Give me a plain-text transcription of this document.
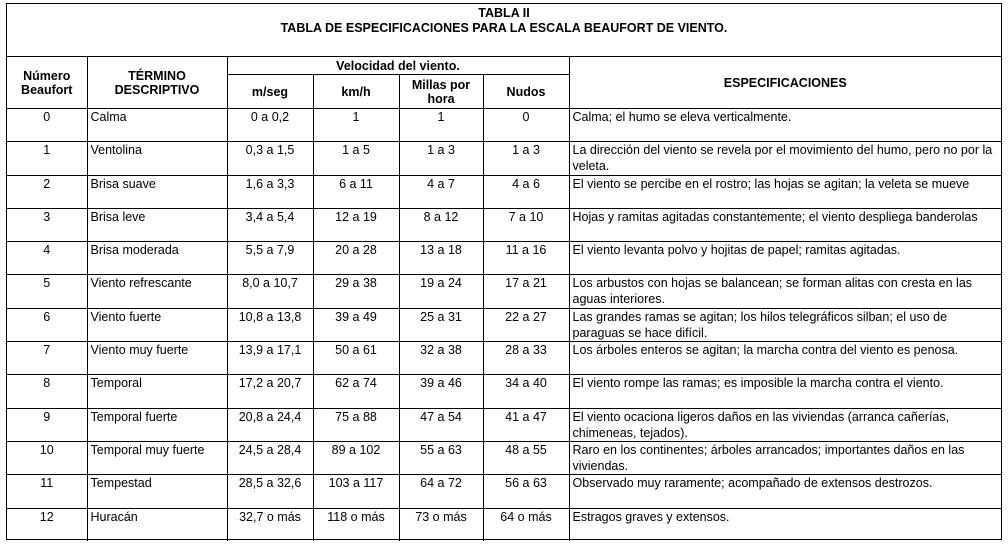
TABLA II
TABLA DE ESPECIFICACIONES PARA LA ESCALA BEAUFORT DE VIENTO.
Número Beaufort	TÉRMINO DESCRIPTIVO	Velocidad del viento.				ESPECIFICACIONES
		m/seg	km/h	Millas por hora	Nudos	
0	Calma	0 a 0,2	1	1	0	Calma; el humo se eleva verticalmente.
1	Ventolina	0,3 a 1,5	1 a 5	1 a 3	1 a 3	La dirección del viento se revela por el movimiento del humo, pero no por la veleta.
2	Brisa suave	1,6 a 3,3	6 a 11	4 a 7	4 a 6	El viento se percibe en el rostro; las hojas se agitan; la veleta se mueve
3	Brisa leve	3,4 a 5,4	12 a 19	8 a 12	7 a 10	Hojas y ramitas agitadas constantemente; el viento despliega banderolas
4	Brisa moderada	5,5 a 7,9	20 a 28	13 a 18	11 a 16	El viento levanta polvo y hojitas de papel; ramitas agitadas.
5	Viento refrescante	8,0 a 10,7	29 a 38	19 a 24	17 a 21	Los arbustos con hojas se balancean; se forman alitas con cresta en las aguas interiores.
6	Viento fuerte	10,8 a 13,8	39 a 49	25 a 31	22 a 27	Las grandes ramas se agitan; los hilos telegráficos silban; el uso de paraguas se hace difícil.
7	Viento muy fuerte	13,9 a 17,1	50 a 61	32 a 38	28 a 33	Los árboles enteros se agitan; la marcha contra del viento es penosa.
8	Temporal	17,2 a 20,7	62 a 74	39 a 46	34 a 40	El viento rompe las ramas; es imposible la marcha contra el viento.
9	Temporal fuerte	20,8 a 24,4	75 a 88	47 a 54	41 a 47	El viento ocaciona ligeros daños en las viviendas (arranca cañerías, chimeneas, tejados).
10	Temporal muy fuerte	24,5 a 28,4	89 a 102	55 a 63	48 a 55	Raro en los continentes; árboles arrancados; importantes daños en las viviendas.
11	Tempestad	28,5 a 32,6	103 a 117	64 a 72	56 a 63	Observado muy raramente; acompañado de extensos destrozos.
12	Huracán	32,7 o más	118 o más	73 o más	64 o más	Estragos graves y extensos.
